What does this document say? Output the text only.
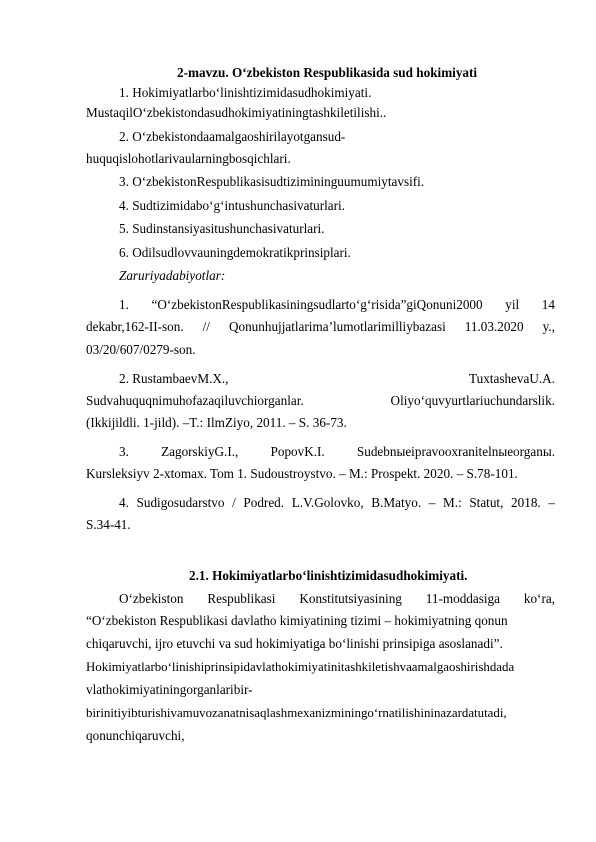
2-mavzu. O‘zbekiston Respublikasida sud hokimiyati
1. Hokimiyatlarbo‘linishtizimidasudhokimiyati.
MustaqilO‘zbekistondasudhokimiyatiningtashkiletilishi..
2. O‘zbekistondaamalgaoshirilayotgansud-
huquqislohotlarivaularningbosqichlari.
3. O‘zbekistonRespublikasisudtizimininguumumiytavsifi.
4. Sudtizimidabo‘g‘intushunchasivaturlari.
5. Sudinstansiyasitushunchasivaturlari.
6. Odilsudlovvauningdemokratikprinsiplari.
Zaruriyadabiyotlar:
1. “O‘zbekistonRespublikasiningsudlarto‘g‘risida”giQonuni2000 yil 14
dekabr,162-II-son. // Qonunhujjatlarima’lumotlarimilliybazasi 11.03.2020 y.,
03/20/607/0279-son.
2. RustambaevM.X.,	TuxtashevaU.A.
Sudvahuquqnimuhofazaqiluvchiorganlar.	Oliyo‘quvyurtlariuchundarslik.
(Ikkijildli. 1-jild). –T.: IlmZiyo, 2011. – S. 36-73.
3. ZagorskiyG.I., PopovK.I. Sudebnыeipravooxranitelnыeorganы.
Kursleksiyv 2-xtomax. Tom 1. Sudoustroystvo. – M.: Prospekt. 2020. – S.78-101.
4. Sudigosudarstvo / Podred. L.V.Golovko, B.Matyo. – M.: Statut, 2018. –
S.34-41.
2.1. Hokimiyatlarbo‘linishtizimidasudhokimiyati.
O‘zbekiston Respublikasi Konstitutsiyasining 11-moddasiga ko‘ra,
“O‘zbekiston Respublikasi davlatho kimiyatining tizimi – hokimiyatning qonun
chiqaruvchi, ijro etuvchi va sud hokimiyatiga bo‘linishi prinsipiga asoslanadi”.
Hokimiyatlarbo‘linishiprinsipidavlathokimiyatinitashkiletishvaamalgaoshirishdada
vlathokimiyatiningorganlaribir-
birinitiyibturishivamuvozanatnisaqlashmexanizminingo‘rnatilishininazardatutadi,
qonunchiqaruvchi,
